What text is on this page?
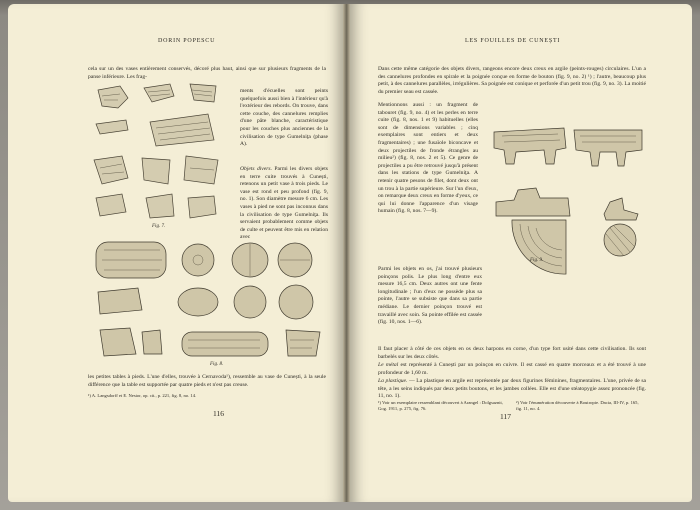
DORIN POPESCU
cela sur un des vases entièrement conservés, décoré plus haut, ainsi que sur plusieurs fragments de la panse inférieure. Les frag-
Fig. 7.
ments d'écuelles sont peints quelquefois aussi bien à l'intérieur qu'à l'extérieur des rebords. On trouve, dans cette couche, des cannelures remplies d'une pâte blanche, caractéristique pour les couches plus anciennes de la civilisation de type Gumelniţa (phase A).
Objets divers. Parmi les divers objets en terre cuite trouvés à Cunești, retenons un petit vase à trois pieds. Le vase est rond et peu profond (fig. 9, no. 1). Son diamètre mesure 6 cm. Les vases à pied ne sont pas inconnus dans la civilisation de type Gumelniţa. Ils servaient probablement comme objets de culte et peuvent être mis en relation avec
Fig. 8.
les petites tables à pieds. L'une d'elles, trouvée à Cernavoda¹), ressemble au vase de Cunești, à la seule différence que la table est supportée par quatre pieds et n'est pas creuse.
¹) A. Langsdorff et E. Nestor, op. cit., p. 221, fig. 8, no. 14.
116
LES FOUILLES DE CUNEȘTI
Dans cette même catégorie des objets divers, rangeons encore deux creux en argile (peints-rouges) circulaires. L'un a des cannelures profondes en spirale et la poignée conçue en forme de bouton (fig. 9, no. 2) ¹) ; l'autre, beaucoup plus petit, à des cannelures parallèles, irrégulières. Sa poignée est conique et perforée d'un petit trou (fig. 9, no. 3). La moitié du premier seau est cassée.
Mentionnons aussi : un fragment de tabouret (fig. 9, no. 4) et les perles en terre cuite (fig. 8, nos. 1 et 9) habituelles (elles sont de dimensions variables ; cinq exemplaires sont entiers et deux fragmentaires) ; une fusaïole biconcave et deux projectiles de fronde étrangles au milieu²) (fig. 8, nos. 2 et 5). Ce genre de projectiles a pu être retrouvé jusqu'à présent dans les stations de type Gumelniţa. A retenir quatre pesons de filet, dont deux ont un trou à la partie supérieure. Sur l'un d'eux, on remarque deux creux en forme d'yeux, ce qui lui donne l'apparence d'un visage humain (fig. 8, nos. 7—9).
Fig. 9.
Parmi les objets en os, j'ai trouvé plusieurs poinçons polis. Le plus long d'entre eux mesure 16,5 cm. Deux autres ont une fente longitudinale ; l'un d'eux ne possède plus sa pointe, l'autre se subsiste que dans sa partie médiane. Le dernier poinçon trouvé est travaillé avec soin. Sa pointe effilée est cassée (fig. 10, nos. 1—6).
Il faut placer à côté de ces objets en os deux harpons en corne, d'un type fort usité dans cette civilisation. Ils sont barbelés sur les deux côtés.
Le métal est représenté à Cunești par un poinçon en cuivre. Il est cassé en quatre morceaux et a été trouvé à une profondeur de 1,60 m.
La plastique. — La plastique en argile est représentée par deux figurines féminines, fragmentaires. L'une, privée de sa tête, a les seins indiqués par deux petits boutons, et les jambes collées. Elle est d'une stéatopygie assez prononcée (fig. 11, no. 1).
¹) Voir un exemplaire ressemblant découvert à Arangel : Dolgsaznit, Gog. 1911, p. 275, fig. 76.
²) Voir l'énumération découverte à Boutropie. Dacia, III-IV, p. 165, fig. 11, no. 4.
117
